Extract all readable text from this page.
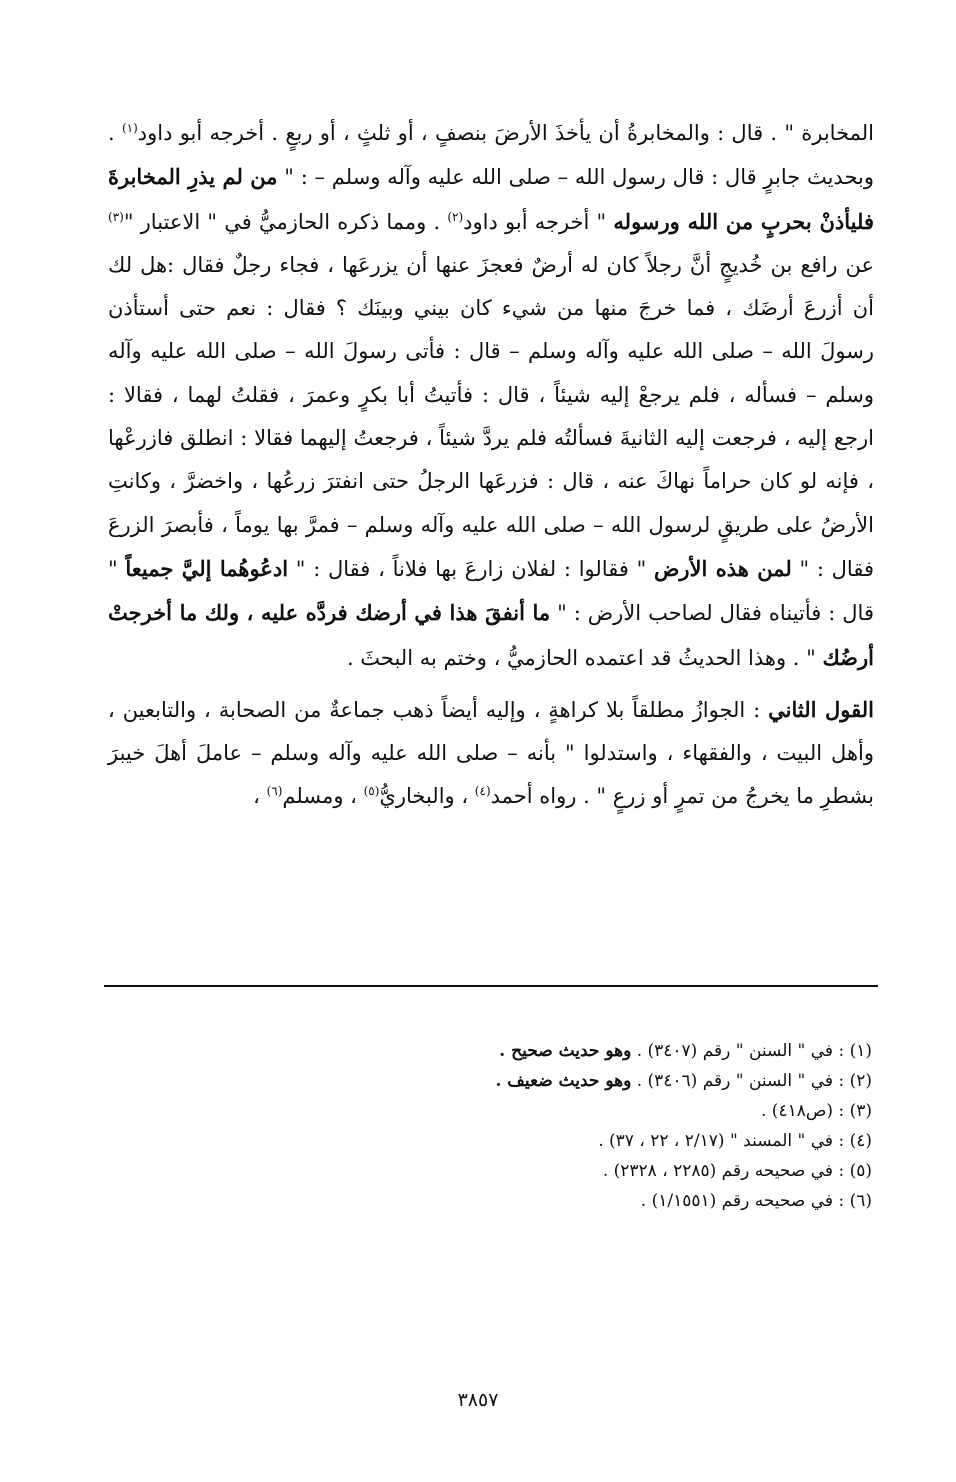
المخابرة " . قال : والمخابرةُ أن يأخذَ الأرضَ بنصفٍ ، أو ثلثٍ ، أو ربعٍ . أخرجه أبو داود$^{(١)}$ . وبحديث جابرٍ قال : قال رسول الله – صلى الله عليه وآله وسلم – : " من لم يذرِ المخابرةَ فليأذنْ بحربٍ من الله ورسوله " أخرجه أبو داود$^{(٢)}$ . ومما ذكره الحازميُّ في " الاعتبار "$^{(٣)}$ عن رافع بن خُديجٍ أنَّ رجلاً كان له أرضٌ فعجزَ عنها أن يزرعَها ، فجاء رجلٌ فقال :هل لك أن أزرعَ أرضَك ، فما خرجَ منها من شيء كان بيني وبينَك ؟ فقال : نعم حتى أستأذن رسولَ الله – صلى الله عليه وآله وسلم – قال : فأتى رسولَ الله – صلى الله عليه وآله وسلم – فسأله ، فلم يرجعْ إليه شيئاً ، قال : فأتيتُ أبا بكرٍ وعمرَ ، فقلتُ لهما ، فقالا : ارجع إليه ، فرجعت إليه الثانيةَ فسألتُه فلم يردَّ شيئاً ، فرجعتُ إليهما فقالا : انطلق فازرعْها ، فإنه لو كان حراماً نهاكَ عنه ، قال : فزرعَها الرجلُ حتى انفترَ زرعُها ، واخضرَّ ، وكانتِ الأرضُ على طريقٍ لرسول الله – صلى الله عليه وآله وسلم – فمرَّ بها يوماً ، فأبصرَ الزرعَ فقال : " لمن هذه الأرض " فقالوا : لفلان زارعَ بها فلاناً ، فقال : " ادعُوهُما إليَّ جميعاً " قال : فأتيناه فقال لصاحب الأرض : " ما أنفقَ هذا في أرضك فردَّه عليه ، ولك ما أخرجتْ أرضُك " . وهذا الحديثُ قد اعتمده الحازميُّ ، وختم به البحثَ .

القول الثاني : الجوازُ مطلقاً بلا كراهةٍ ، وإليه أيضاً ذهب جماعةٌ من الصحابة ، والتابعين ، وأهل البيت ، والفقهاء ، واستدلوا " بأنه – صلى الله عليه وآله وسلم – عاملَ أهلَ خيبرَ بشطرِ ما يخرجُ من تمرٍ أو زرعٍ " . رواه أحمد$^{(٤)}$ ، والبخاريُّ$^{(٥)}$ ، ومسلم$^{(٦)}$ ،

(١) : في " السنن " رقم (٣٤٠٧) . وهو حديث صحيح .

(٢) : في " السنن " رقم (٣٤٠٦) . وهو حديث ضعيف .

(٣) : (ص٤١٨) .

(٤) : في " المسند " (٢/١٧ ، ٢٢ ، ٣٧) .

(٥) : في صحيحه رقم (٢٢٨٥ ، ٢٣٢٨) .

(٦) : في صحيحه رقم (١/١٥٥١) .

٣٨٥٧
